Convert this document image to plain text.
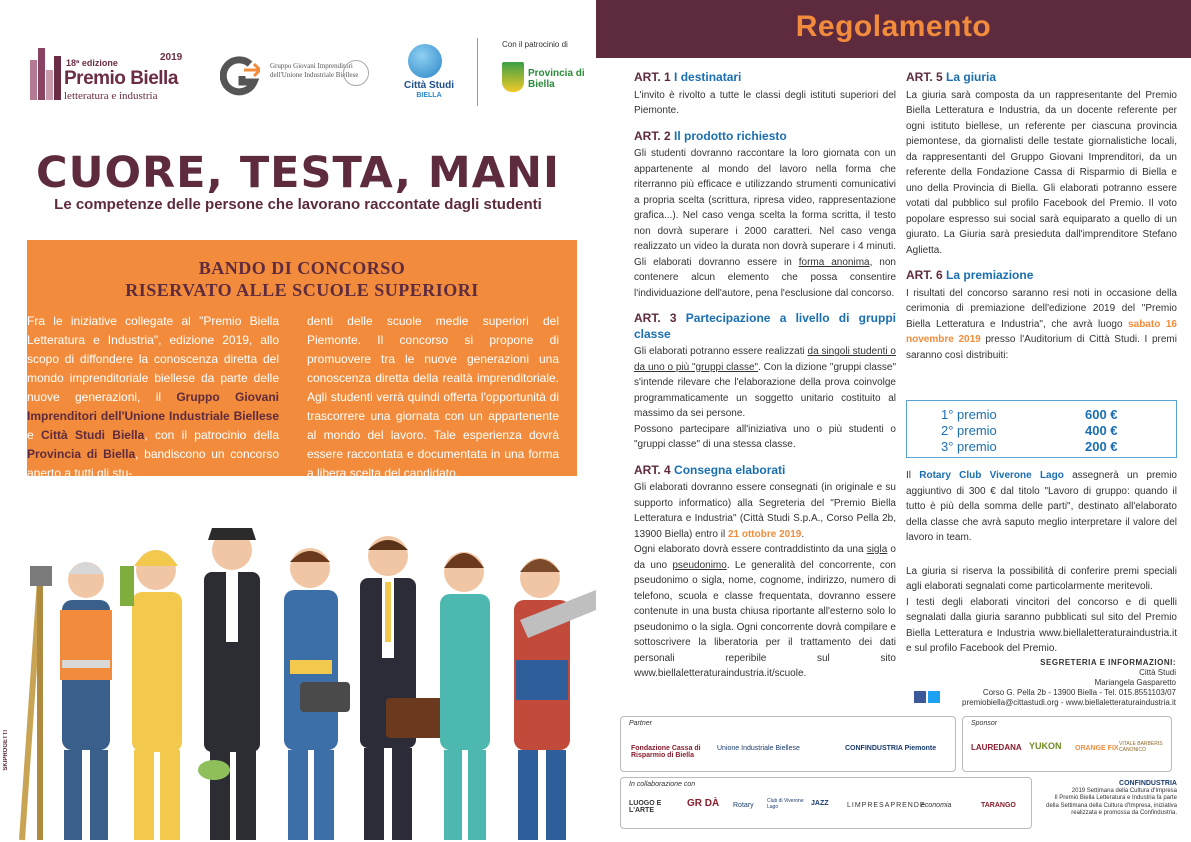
18ª edizione	2019
Premio Biella
letteratura e industria
Gruppo Giovani Imprenditori dell'Unione Industriale Biellese
Città Studi
BIELLA
Con il patrocinio di
Provincia di Biella
CUORE, TESTA, MANI
Le competenze delle persone che lavorano raccontate dagli studenti
BANDO DI CONCORSO
RISERVATO ALLE SCUOLE SUPERIORI
Fra le iniziative collegate al "Premio Biella Letteratura e Industria", edizione 2019, allo scopo di diffondere la conoscenza diretta del mondo imprenditoriale biellese da parte delle nuove generazioni, il Gruppo Giovani Imprenditori dell'Unione Industriale Biellese e Città Studi Biella, con il patrocinio della Provincia di Biella, bandiscono un concorso aperto a tutti gli stu-
denti delle scuole medie superiori del Piemonte. Il concorso si propone di promuovere tra le nuove generazioni una conoscenza diretta della realtà imprenditoriale. Agli studenti verrà quindi offerta l'opportunità di trascorrere una giornata con un appartenente al mondo del lavoro. Tale esperienza dovrà essere raccontata e documentata in una forma a libera scelta del candidato.
SKIPROGETTI
Regolamento
ART. 1 I destinatari
L'invito è rivolto a tutte le classi degli istituti superiori del Piemonte.
ART. 2 Il prodotto richiesto
Gli studenti dovranno raccontare la loro giornata con un appartenente al mondo del lavoro nella forma che riterranno più efficace e utilizzando strumenti comunicativi a propria scelta (scrittura, ripresa video, rappresentazione grafica...). Nel caso venga scelta la forma scritta, il testo non dovrà superare i 2000 caratteri. Nel caso venga realizzato un video la durata non dovrà superare i 4 minuti. Gli elaborati dovranno essere in forma anonima, non contenere alcun elemento che possa consentire l'individuazione dell'autore, pena l'esclusione dal concorso.
ART. 3 Partecipazione a livello di gruppi classe
Gli elaborati potranno essere realizzati da singoli studenti o da uno o più "gruppi classe". Con la dizione "gruppi classe" s'intende rilevare che l'elaborazione della prova coinvolge programmaticamente un soggetto unitario costituito al massimo da sei persone.
Possono partecipare all'iniziativa uno o più studenti o "gruppi classe" di una stessa classe.
ART. 4 Consegna elaborati
Gli elaborati dovranno essere consegnati (in originale e su supporto informatico) alla Segreteria del "Premio Biella Letteratura e Industria" (Città Studi S.p.A., Corso Pella 2b, 13900 Biella) entro il 21 ottobre 2019.
Ogni elaborato dovrà essere contraddistinto da una sigla o da uno pseudonimo. Le generalità del concorrente, con pseudonimo o sigla, nome, cognome, indirizzo, numero di telefono, scuola e classe frequentata, dovranno essere contenute in una busta chiusa riportante all'esterno solo lo pseudonimo o la sigla. Ogni concorrente dovrà compilare e sottoscrivere la liberatoria per il trattamento dei dati personali reperibile sul sito www.biellaletteraturaindustria.it/scuole.
ART. 5 La giuria
La giuria sarà composta da un rappresentante del Premio Biella Letteratura e Industria, da un docente referente per ogni istituto biellese, un referente per ciascuna provincia piemontese, da giornalisti delle testate giornalistiche locali, da rappresentanti del Gruppo Giovani Imprenditori, da un referente della Fondazione Cassa di Risparmio di Biella e uno della Provincia di Biella. Gli elaborati potranno essere votati dal pubblico sul profilo Facebook del Premio. Il voto popolare espresso sui social sarà equiparato a quello di un giurato. La Giuria sarà presieduta dall'imprenditore Stefano Aglietta.
ART. 6 La premiazione
I risultati del concorso saranno resi noti in occasione della cerimonia di premiazione dell'edizione 2019 del "Premio Biella Letteratura e Industria", che avrà luogo sabato 16 novembre 2019 presso l'Auditorium di Città Studi. I premi saranno così distribuiti:
1° premio	600 €
2° premio	400 €
3° premio	200 €
Il Rotary Club Viverone Lago assegnerà un premio aggiuntivo di 300 € dal titolo "Lavoro di gruppo: quando il tutto è più della somma delle parti", destinato all'elaborato della classe che avrà saputo meglio interpretare il valore del lavoro in team.
La giuria si riserva la possibilità di conferire premi speciali agli elaborati segnalati come particolarmente meritevoli.
I testi degli elaborati vincitori del concorso e di quelli segnalati dalla giuria saranno pubblicati sul sito del Premio Biella Letteratura e Industria www.biellaletteraturaindustria.it e sul profilo Facebook del Premio.
SEGRETERIA E INFORMAZIONI:
Città Studi
Mariangela Gasparetto
Corso G. Pella 2b - 13900 Biella - Tel. 015.8551103/07
premiobiella@cittastudi.org - www.biellaletteraturaindustria.it
Partner
Fondazione Cassa di Risparmio di Biella
Unione Industriale Biellese	CONFINDUSTRIA Piemonte
Sponsor
LAUREDANA YUKON ORANGE FIX
VITALE BARBERIS CANONICO
In collaborazione con
LUOGO E L'ARTE
GR DÀ Rotary
Club di Viverone Lago	JAZZ	LIMPRESAPRENDE
economia	TARANGO
CONFINDUSTRIA
2019 Settimana della Cultura d'Impresa
Il Premio Biella Letteratura e Industria fa parte della Settimana della Cultura d'Impresa, iniziativa realizzata e promossa da Confindustria.
